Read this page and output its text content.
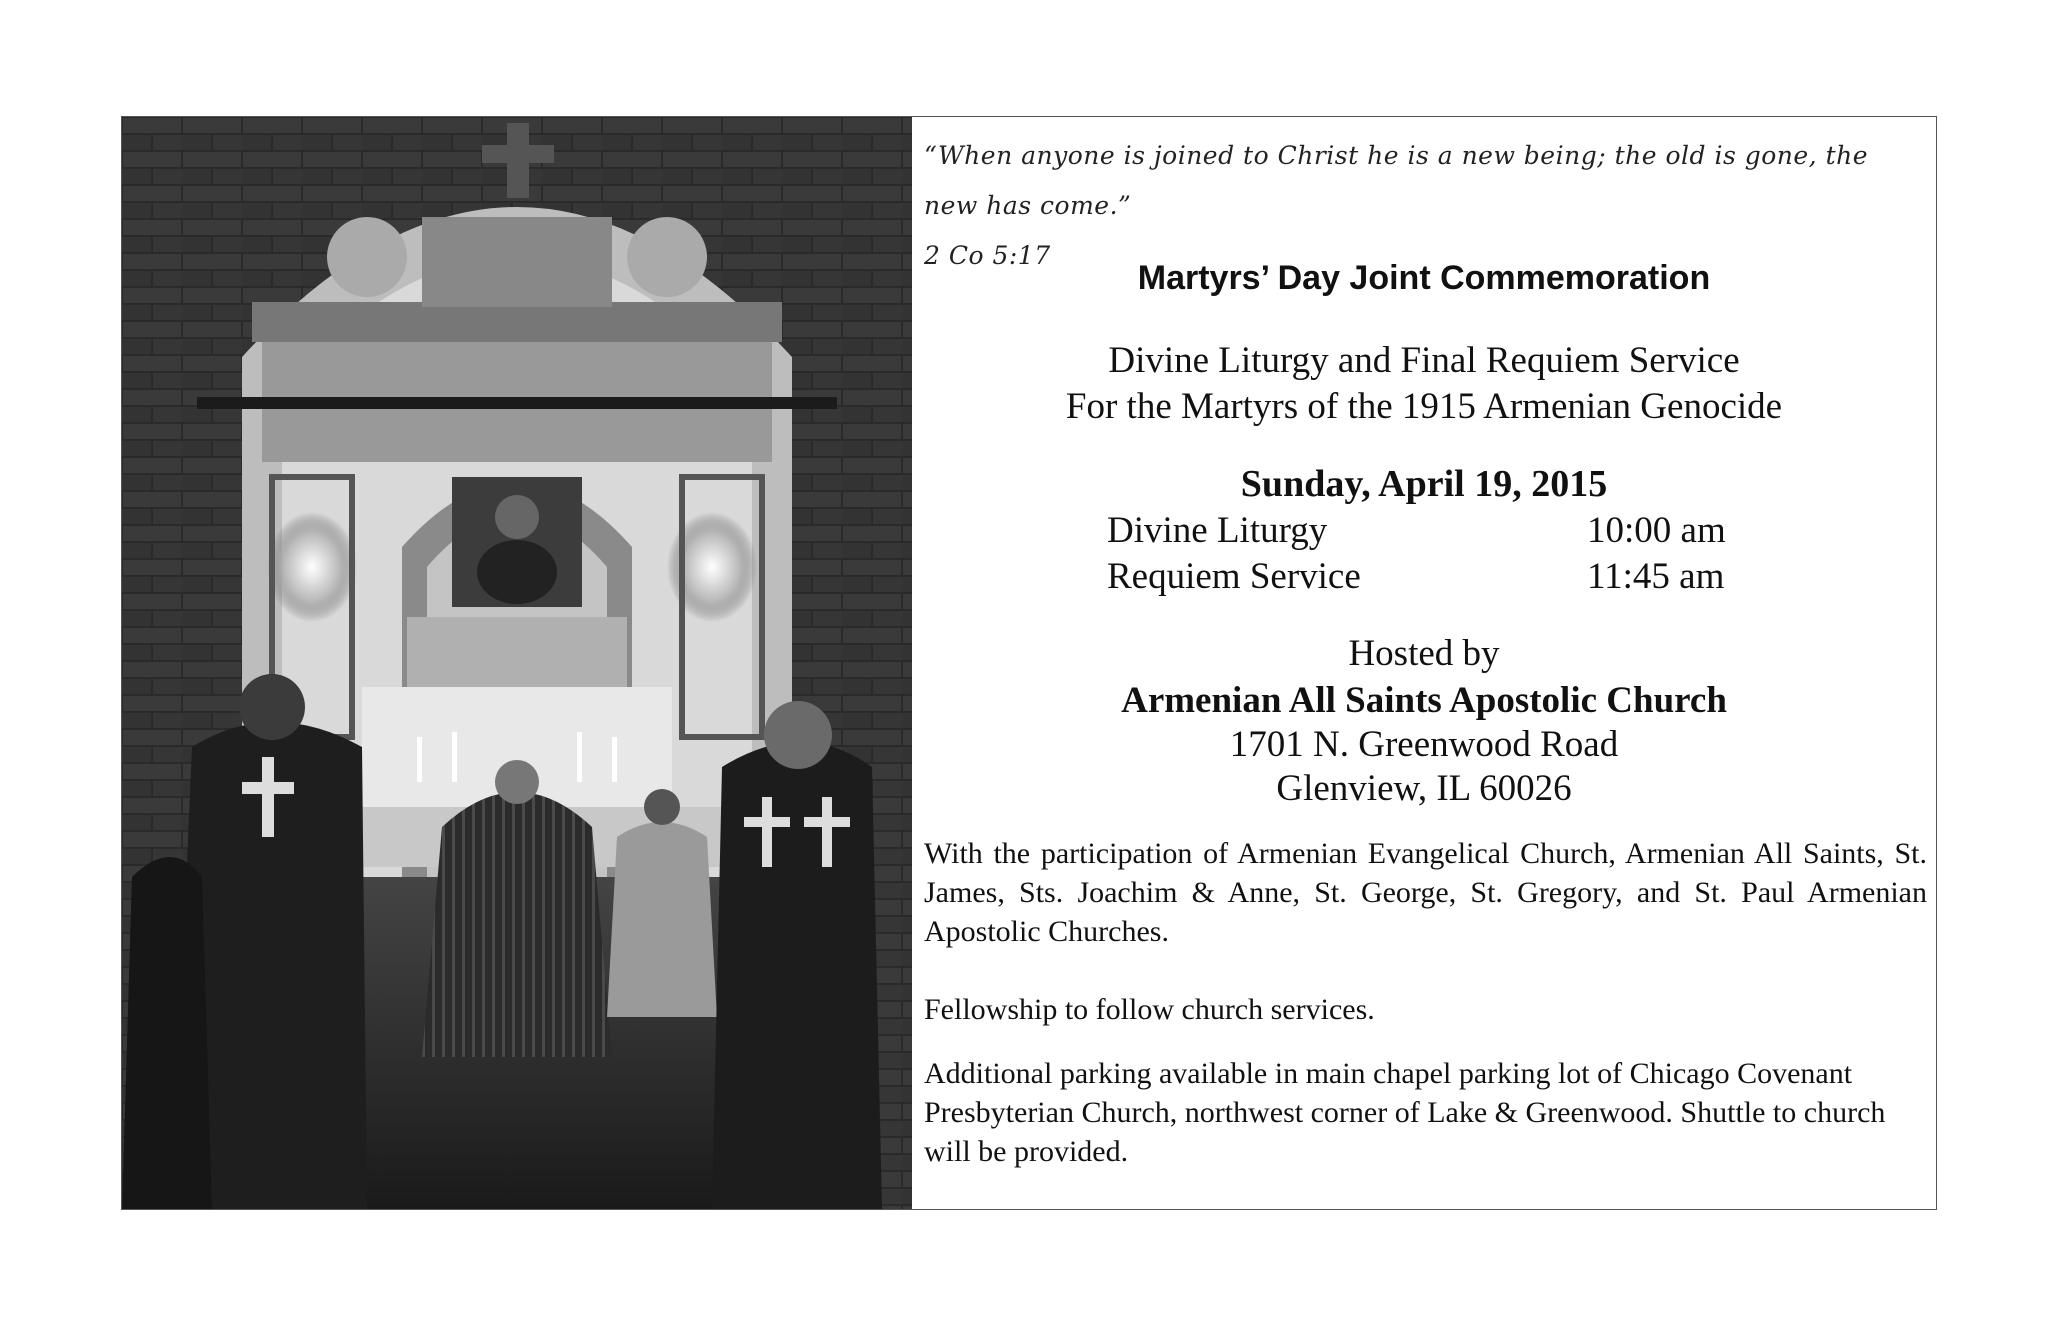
“When anyone is joined to Christ he is a new being; the old is gone, the new has come.”
2 Co 5:17
Martyrs’ Day Joint Commemoration
Divine Liturgy and Final Requiem Service
For the Martyrs of the 1915 Armenian Genocide
Sunday, April 19, 2015
Divine Liturgy	10:00 am
Requiem Service	11:45 am
Hosted by
Armenian All Saints Apostolic Church
1701 N. Greenwood Road
Glenview, IL 60026
With the participation of Armenian Evangelical Church, Armenian All Saints, St. James, Sts. Joachim & Anne, St. George, St. Gregory, and St. Paul Armenian Apostolic Churches.
Fellowship to follow church services.
Additional parking available in main chapel parking lot of Chicago Covenant Presbyterian Church, northwest corner of Lake & Greenwood. Shuttle to church will be provided.
